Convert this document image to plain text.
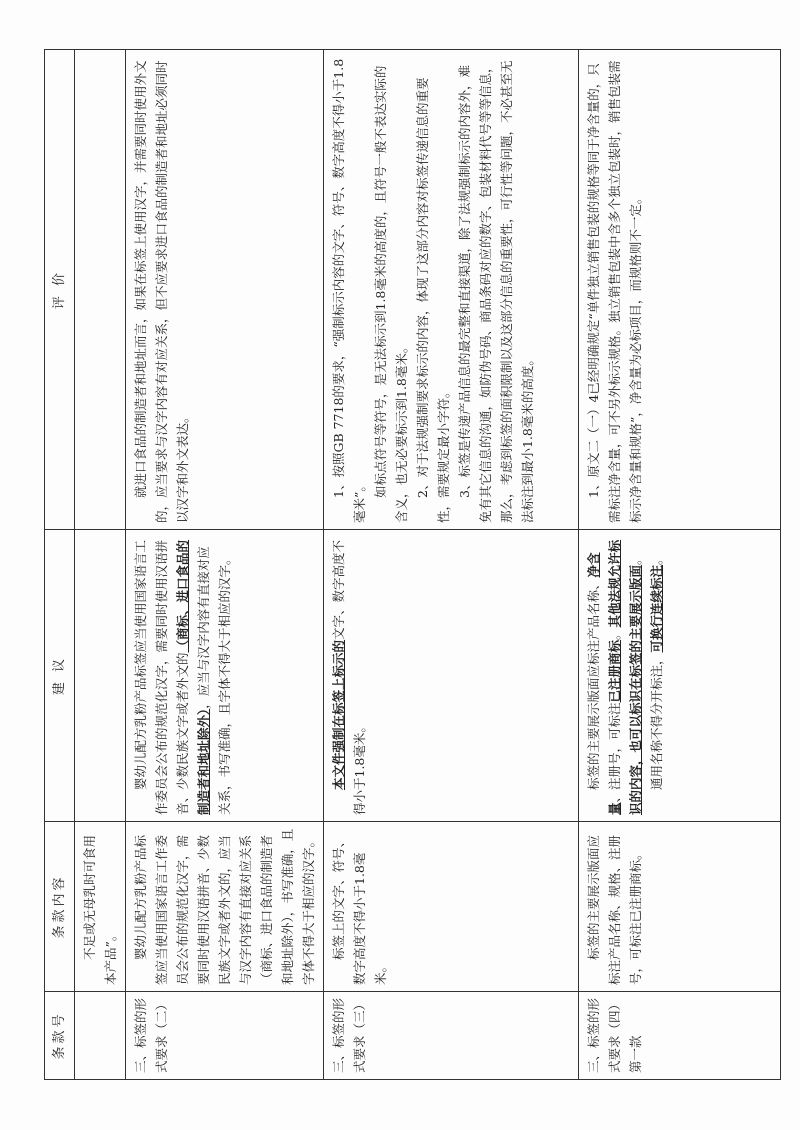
条款号	条款内容	建 议	评 价

	不足或无母乳时可食用本产品”。		

三、标签的形式要求（二）	婴幼儿配方乳粉产品标签应当使用国家语言工作委员会公布的规范化汉字，需要同时使用汉语拼音、少数民族文字或者外文的，应当与汉字内容有直接对应关系（商标、进口食品的制造者和地址除外），书写准确，且字体不得大于相应的汉字。	婴幼儿配方乳粉产品标签应当使用国家语言工作委员会公布的规范化汉字，需要同时使用汉语拼音、少数民族文字或者外文的（商标、进口食品的制造者和地址除外），应当与汉字内容有直接对应关系，书写准确，且字体不得大于相应的汉字。	就进口食品的制造者和地址而言，如果在标签上使用汉字，并需要同时使用外文的，应当要求与汉字内容有对应关系，但不应要求进口食品的制造者和地址必须同时以汉字和外文表达。

三、标签的形式要求（三）	标签上的文字、符号、数字高度不得小于1.8毫米。	本文件强制在标签上标示的文字、数字高度不得小于1.8毫米。	1、按照GB 7718的要求，“强制标示内容的文字、符号、数字高度不得小于1.8毫米”。
如标点符号等符号，是无法标示到1.8毫米的高度的，且符号一般不表达实际的含义，也无必要标示到1.8毫米。 2、对于法规强制要求标示的内容，体现了这部分内容对标签传递信息的重要性，需要规定最小字符。 3、标签是传递产品信息的最完整和直接渠道，除了法规强制标示的内容外，难免有其它信息的沟通，如防伪号码、商品条码对应的数字、包装材料代号等等信息，那么，考虑到标签的面积限制以及这部分信息的重要性，可行性等问题，不必甚至无法标注到最小1.8毫米的高度。

三、标签的形式要求（四）第一款	标签的主要展示版面应标注产品名称、规格、注册号，可标注已注册商标。	标签的主要展示版面应标注产品名称、净含量、注册号，可标注已注册商标。其他法规允许标识的内容，也可以标识在标签的主要展示版面。
通用名称不得分开标注，可换行连续标注。	1、原文二（一）4已经明确规定“单件独立销售包装的规格等同于净含量的，只需标注净含量，可不另外标示规格。独立销售包装中含多个独立包装时，销售包装需标示净含量和规格”，净含量为必标项目，而规格则不一定。
